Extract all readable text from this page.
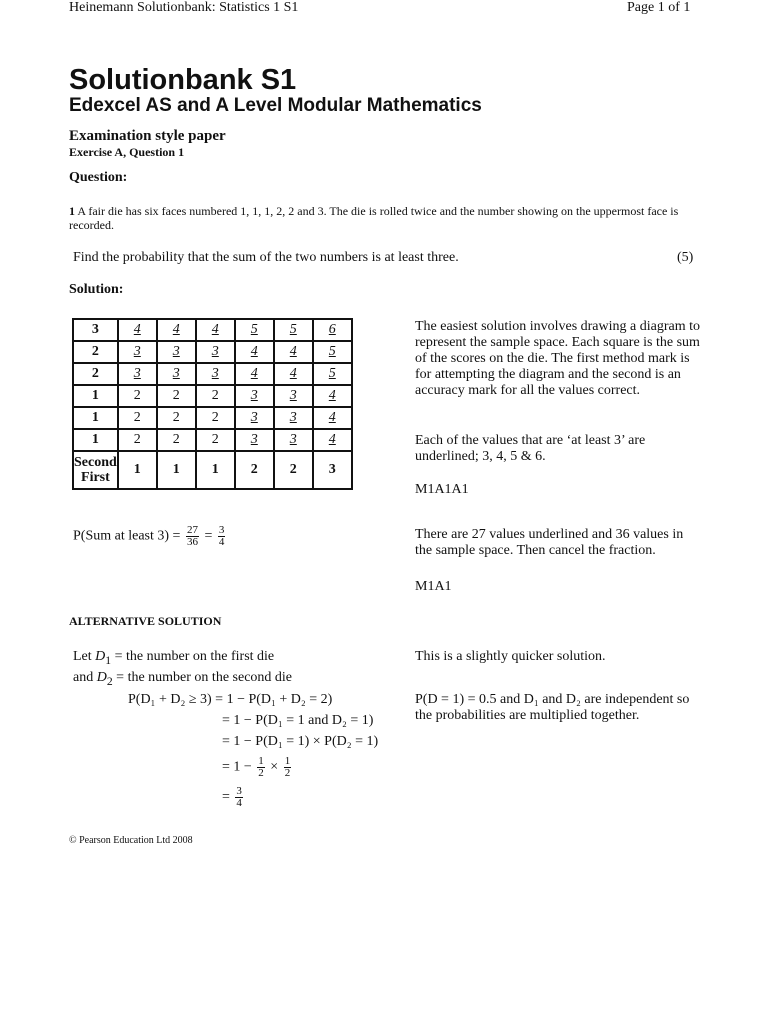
Heinemann Solutionbank: Statistics 1 S1	Page 1 of 1
Solutionbank S1
Edexcel AS and A Level Modular Mathematics
Examination style paper
Exercise A, Question 1
Question:
1 A fair die has six faces numbered 1, 1, 1, 2, 2 and 3. The die is rolled twice and the number showing on the uppermost face is recorded.
Find the probability that the sum of the two numbers is at least three.	(5)
Solution:
3	4	4	4	5	5	6
2	3	3	3	4	4	5
2	3	3	3	4	4	5
1	2	2	2	3	3	4
1	2	2	2	3	3	4
1	2	2	2	3	3	4

Second
First	1	1	1	2	2	3
The easiest solution involves drawing a diagram to represent the sample space. Each square is the sum of the scores on the die. The first method mark is for attempting the diagram and the second is an accuracy mark for all the values correct.
Each of the values that are ‘at least 3’ are underlined; 3, 4, 5 & 6.
M1A1A1
There are 27 values underlined and 36 values in the sample space. Then cancel the fraction.
M1A1
P(Sum at least $3) = \frac{27}{36} = \frac{3}{4}$
ALTERNATIVE SOLUTION
Let $D_1$ = the number on the first die
and $D_2$ = the number on the second die
P(D₁ + D₂ ≥ 3) = 1 − P(D₁ + D₂ = 2)
= 1 − P(D₁ = 1 and D₂ = 1)
= 1 − P(D₁ = 1) × P(D₂ = 1)
= $1 - \frac{1}{2} \times \frac{1}{2}$
= $\frac{3}{4}$
This is a slightly quicker solution.
P(D = 1) = 0.5 and D₁ and D₂ are independent so the probabilities are multiplied together.
© Pearson Education Ltd 2008
